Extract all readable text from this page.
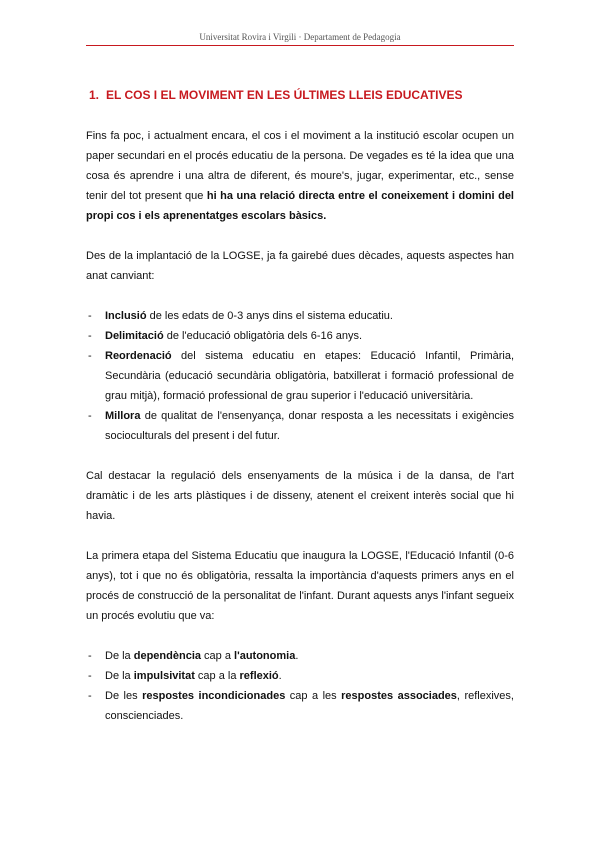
Universitat Rovira i Virgili · Departament de Pedagogia
1. EL COS I EL MOVIMENT EN LES ÚLTIMES LLEIS EDUCATIVES

Fins fa poc, i actualment encara, el cos i el moviment a la institució escolar ocupen un paper secundari en el procés educatiu de la persona. De vegades es té la idea que una cosa és aprendre i una altra de diferent, és moure's, jugar, experimentar, etc., sense tenir del tot present que hi ha una relació directa entre el coneixement i domini del propi cos i els aprenentatges escolars bàsics.

Des de la implantació de la LOGSE, ja fa gairebé dues dècades, aquests aspectes han anat canviant:

- Inclusió de les edats de 0-3 anys dins el sistema educatiu.
- Delimitació de l'educació obligatòria dels 6-16 anys.
- Reordenació del sistema educatiu en etapes: Educació Infantil, Primària, Secundària (educació secundària obligatòria, batxillerat i formació professional de grau mitjà), formació professional de grau superior i l'educació universitària.
- Millora de qualitat de l'ensenyança, donar resposta a les necessitats i exigències socioculturals del present i del futur.

Cal destacar la regulació dels ensenyaments de la música i de la dansa, de l'art dramàtic i de les arts plàstiques i de disseny, atenent el creixent interès social que hi havia.

La primera etapa del Sistema Educatiu que inaugura la LOGSE, l'Educació Infantil (0-6 anys), tot i que no és obligatòria, ressalta la importància d'aquests primers anys en el procés de construcció de la personalitat de l'infant. Durant aquests anys l'infant segueix un procés evolutiu que va:

- De la dependència cap a l'autonomia.
- De la impulsivitat cap a la reflexió.
- De les respostes incondicionades cap a les respostes associades, reflexives, conscienciades.
